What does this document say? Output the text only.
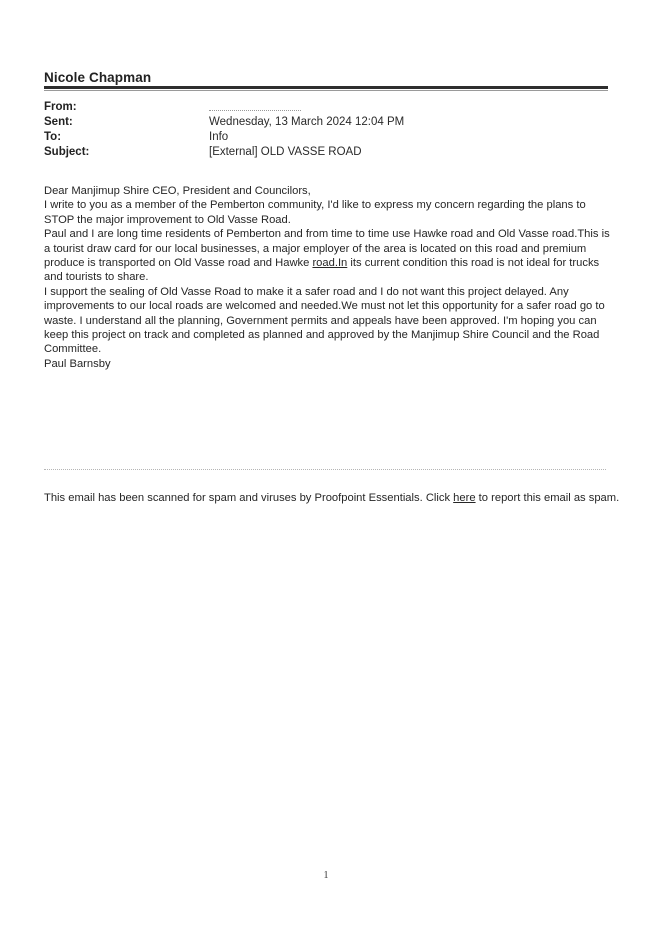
Nicole Chapman
From:
Sent:	Wednesday, 13 March 2024 12:04 PM
To:	Info
Subject:	[External] OLD VASSE ROAD

Dear Manjimup Shire CEO, President and Councilors,

I write to you as a member of the Pemberton community, I'd like to express my concern regarding the plans to STOP the major improvement to Old Vasse Road.

Paul and I are long time residents of Pemberton and from time to time use Hawke road and Old Vasse road.This is a tourist draw card for our local businesses, a major employer of the area is located on this road and premium produce is transported on Old Vasse road and Hawke road.In its current condition this road is not ideal for trucks and tourists to share.

I support the sealing of Old Vasse Road to make it a safer road and I do not want this project delayed. Any improvements to our local roads are welcomed and needed.We must not let this opportunity for a safer road go to waste. I understand all the planning, Government permits and appeals have been approved. I'm hoping you can keep this project on track and completed as planned and approved by the Manjimup Shire Council and the Road Committee.

Paul Barnsby

This email has been scanned for spam and viruses by Proofpoint Essentials. Click here to report this email as spam.
1
